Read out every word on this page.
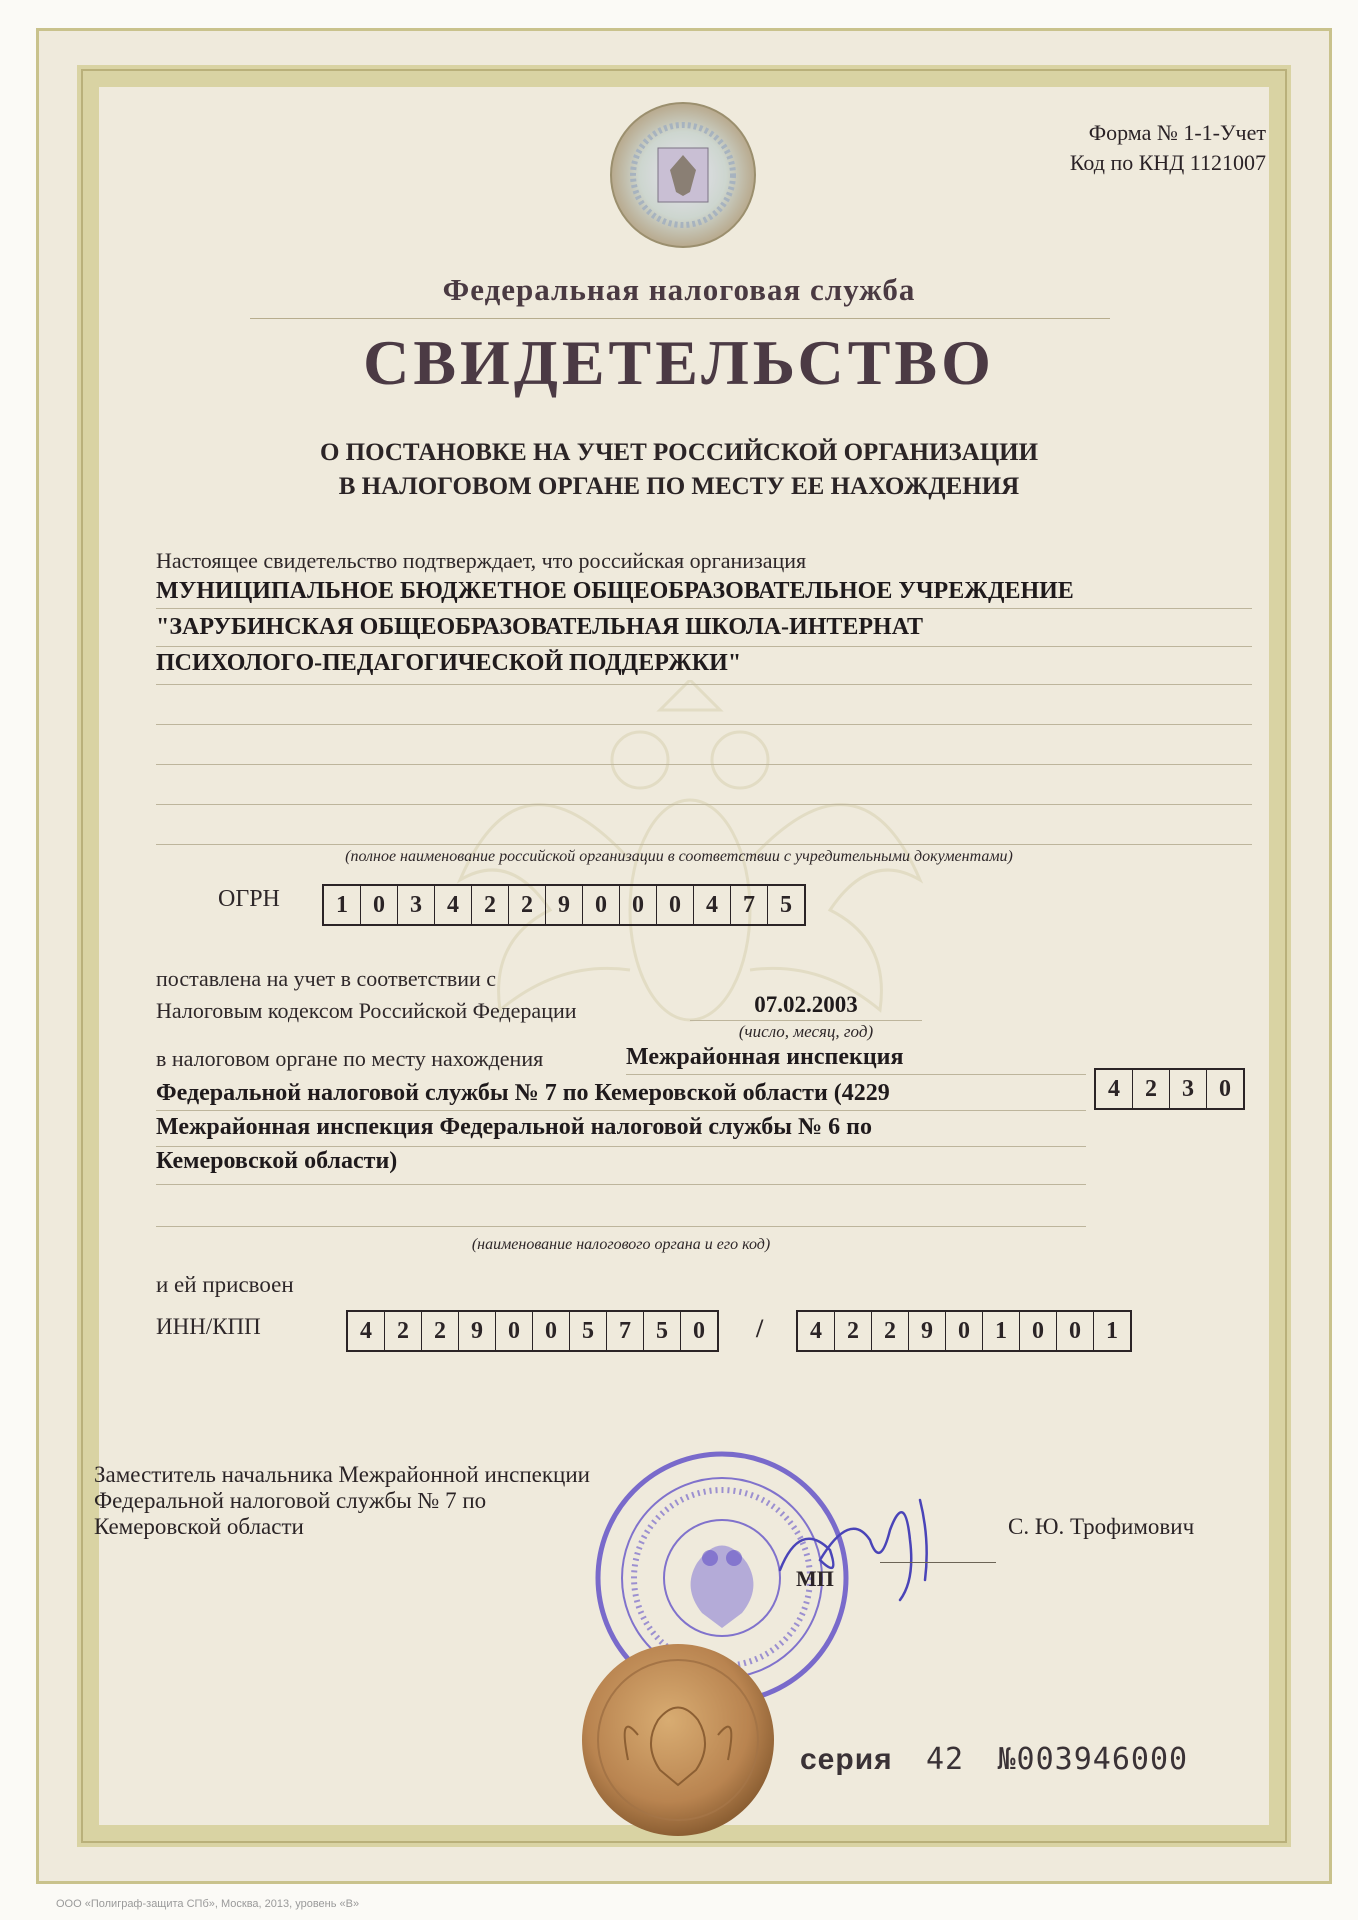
Форма № 1-1-Учет
Код по КНД 1121007
Федеральная налоговая служба
СВИДЕТЕЛЬСТВО
О ПОСТАНОВКЕ НА УЧЕТ РОССИЙСКОЙ ОРГАНИЗАЦИИ
В НАЛОГОВОМ ОРГАНЕ ПО МЕСТУ ЕЕ НАХОЖДЕНИЯ
Настоящее свидетельство подтверждает, что российская организация
МУНИЦИПАЛЬНОЕ БЮДЖЕТНОЕ ОБЩЕОБРАЗОВАТЕЛЬНОЕ УЧРЕЖДЕНИЕ
"ЗАРУБИНСКАЯ ОБЩЕОБРАЗОВАТЕЛЬНАЯ ШКОЛА-ИНТЕРНАТ
ПСИХОЛОГО-ПЕДАГОГИЧЕСКОЙ ПОДДЕРЖКИ"
(полное наименование российской организации в соответствии с учредительными документами)
ОГРН	1	0	3	4	2	2	9	0	0	0	4	7	5
поставлена на учет в соответствии с
Налоговым кодексом Российской Федерации	07.02.2003
(число, месяц, год)
в налоговом органе по месту нахождения	Межрайонная инспекция
Федеральной налоговой службы № 7 по Кемеровской области (4229
Межрайонная инспекция Федеральной налоговой службы № 6 по
Кемеровской области)
(наименование налогового органа и его код)
4	2	3	0
и ей присвоен
ИНН/КПП	4	2	2	9	0	0	5	7	5	0	/	4	2	2	9	0	1	0	0	1
Заместитель начальника Межрайонной инспекции
Федеральной налоговой службы № 7 по
Кемеровской области	С. Ю. Трофимович
МП
серия 42 №003946000
ООО «Полиграф-защита СПб», Москва, 2013, уровень «В»
